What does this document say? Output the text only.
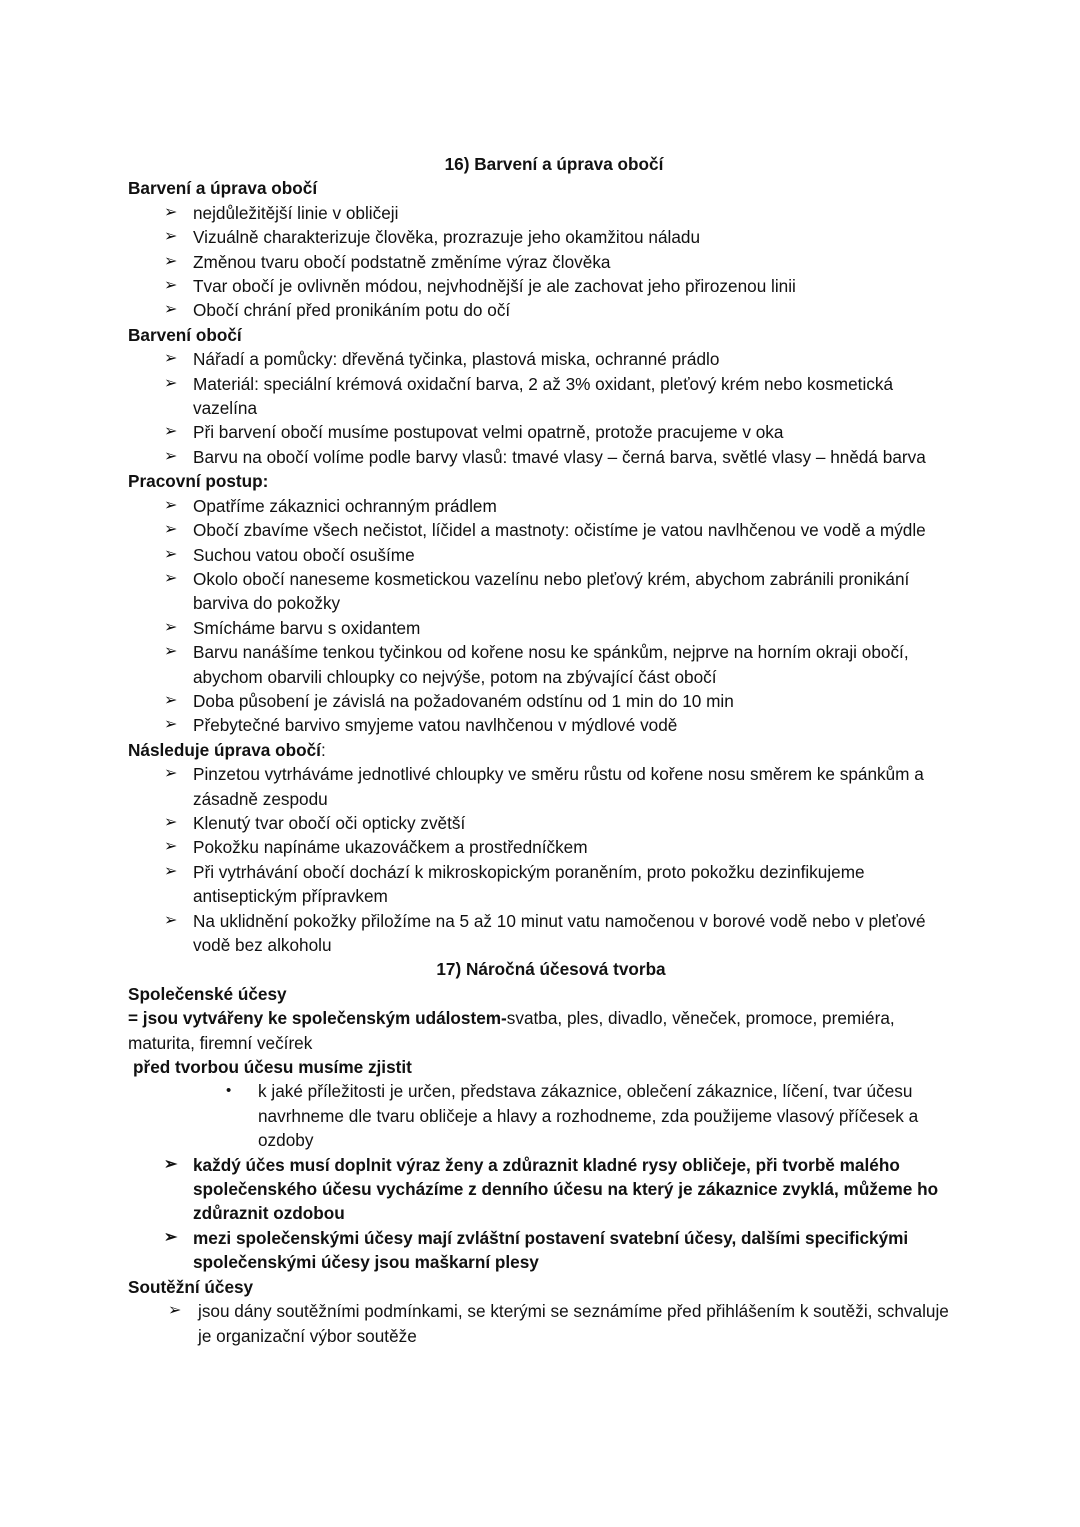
16) Barvení a úprava obočí
Barvení a úprava obočí
➢ nejdůležitější linie v obličeji
➢ Vizuálně charakterizuje člověka, prozrazuje jeho okamžitou náladu
➢ Změnou tvaru obočí podstatně změníme výraz člověka
➢ Tvar obočí je ovlivněn módou, nejvhodnější je ale zachovat jeho přirozenou linii
➢ Obočí chrání před pronikáním potu do očí
Barvení obočí
➢ Nářadí a pomůcky: dřevěná tyčinka, plastová miska, ochranné prádlo
➢ Materiál: speciální krémová oxidační barva, 2 až 3% oxidant, pleťový krém nebo kosmetická vazelína
➢ Při barvení obočí musíme postupovat velmi opatrně, protože pracujeme v oka
➢ Barvu na obočí volíme podle barvy vlasů: tmavé vlasy – černá barva, světlé vlasy – hnědá barva
Pracovní postup:
➢ Opatříme zákaznici ochranným prádlem
➢ Obočí zbavíme všech nečistot, líčidel a mastnoty: očistíme je vatou navlhčenou ve vodě a mýdle
➢ Suchou vatou obočí osušíme
➢ Okolo obočí naneseme kosmetickou vazelínu nebo pleťový krém, abychom zabránili pronikání barviva do pokožky
➢ Smícháme barvu s oxidantem
➢ Barvu nanášíme tenkou tyčinkou od kořene nosu ke spánkům, nejprve na horním okraji obočí, abychom obarvili chloupky co nejvýše, potom na zbývající část obočí
➢ Doba působení je závislá na požadovaném odstínu od 1 min do 10 min
➢ Přebytečné barvivo smyjeme vatou navlhčenou v mýdlové vodě
Následuje úprava obočí:
➢ Pinzetou vytrháváme jednotlivé chloupky ve směru růstu od kořene nosu směrem ke spánkům a zásadně zespodu
➢ Klenutý tvar obočí oči opticky zvětší
➢ Pokožku napínáme ukazováčkem a prostředníčkem
➢ Při vytrhávání obočí dochází k mikroskopickým poraněním, proto pokožku dezinfikujeme antiseptickým přípravkem
➢ Na uklidnění pokožky přiložíme na 5 až 10 minut vatu namočenou v borové vodě nebo v pleťové vodě bez alkoholu
17) Náročná účesová tvorba
Společenské účesy
= jsou vytvářeny ke společenským událostem-svatba, ples, divadlo, věneček, promoce, premiéra, maturita, firemní večírek
před tvorbou účesu musíme zjistit
• k jaké příležitosti je určen, představa zákaznice, oblečení zákaznice, líčení, tvar účesu navrhneme dle tvaru obličeje a hlavy a rozhodneme, zda použijeme vlasový příčesek a ozdoby
➢ každý účes musí doplnit výraz ženy a zdůraznit kladné rysy obličeje, při tvorbě malého společenského účesu vycházíme z denního účesu na který je zákaznice zvyklá, můžeme ho zdůraznit ozdobou
➢ mezi společenskými účesy mají zvláštní postavení svatební účesy, dalšími specifickými společenskými účesy jsou maškarní plesy
Soutěžní účesy
➢ jsou dány soutěžními podmínkami, se kterými se seznámíme před přihlášením k soutěži, schvaluje je organizační výbor soutěže
